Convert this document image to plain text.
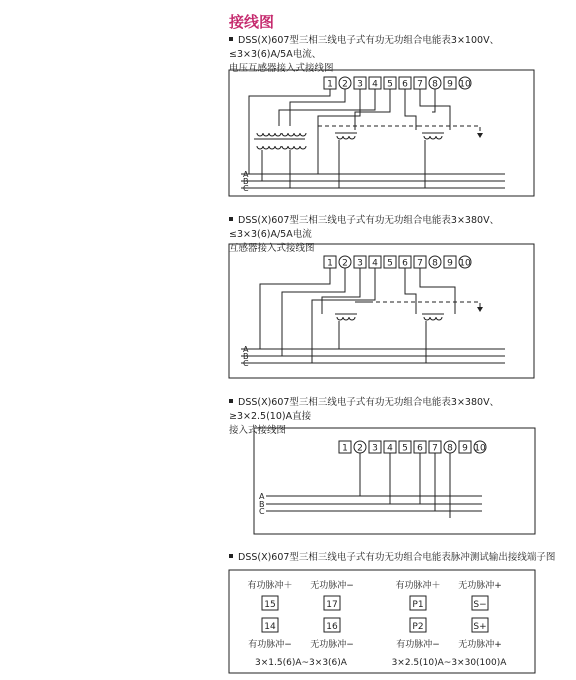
接线图
DSS(X)607型三相三线电子式有功无功组合电能表3×100V、≤3×3(6)A/5A电流、
电压互感器接入式接线图
DSS(X)607型三相三线电子式有功无功组合电能表3×380V、≤3×3(6)A/5A电流
互感器接入式接线图
DSS(X)607型三相三线电子式有功无功组合电能表3×380V、≥3×2.5(10)A直接
接入式接线图
DSS(X)607型三相三线电子式有功无功组合电能表脉冲测试输出接线端子图
1 2 3 4 5 6 7 8 9 10
A
B
C
1 2 3 4 5 6 7 8 9 10
A
B
C
1 2 3 4 5 6 7 8 9 10
A
B
C
有功脉冲＋ 无功脉冲−	有功脉冲＋ 无功脉冲+
15	17	P1	S−
14	16	P2	S+
有功脉冲− 无功脉冲−	有功脉冲− 无功脉冲+
3×1.5(6)A~3×3(6)A	3×2.5(10)A~3×30(100)A
